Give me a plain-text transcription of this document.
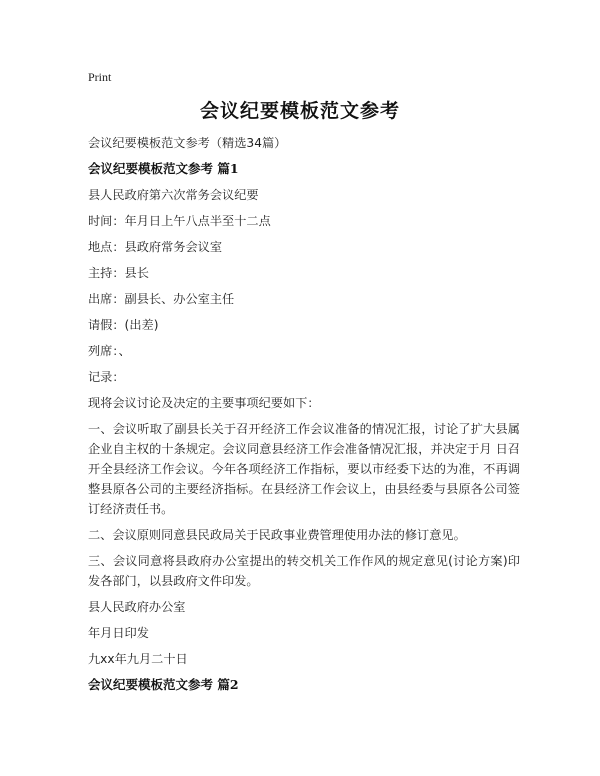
Print
会议纪要模板范文参考

会议纪要模板范文参考（精选34篇）

会议纪要模板范文参考 篇1

县人民政府第六次常务会议纪要

时间：年月日上午八点半至十二点

地点：县政府常务会议室

主持：县长

出席：副县长、办公室主任

请假：(出差)

列席：、

记录：

现将会议讨论及决定的主要事项纪要如下：

一、会议听取了副县长关于召开经济工作会议准备的情况汇报，讨论了扩大县属企业自主权的十条规定。会议同意县经济工作会准备情况汇报，并决定于月 日召开全县经济工作会议。今年各项经济工作指标，要以市经委下达的为准，不再调整县原各公司的主要经济指标。在县经济工作会议上，由县经委与县原各公司签订经济责任书。

二、会议原则同意县民政局关于民政事业费管理使用办法的修订意见。

三、会议同意将县政府办公室提出的转交机关工作作风的规定意见(讨论方案)印发各部门，以县政府文件印发。

县人民政府办公室

年月日印发

九xx年九月二十日

会议纪要模板范文参考 篇2
